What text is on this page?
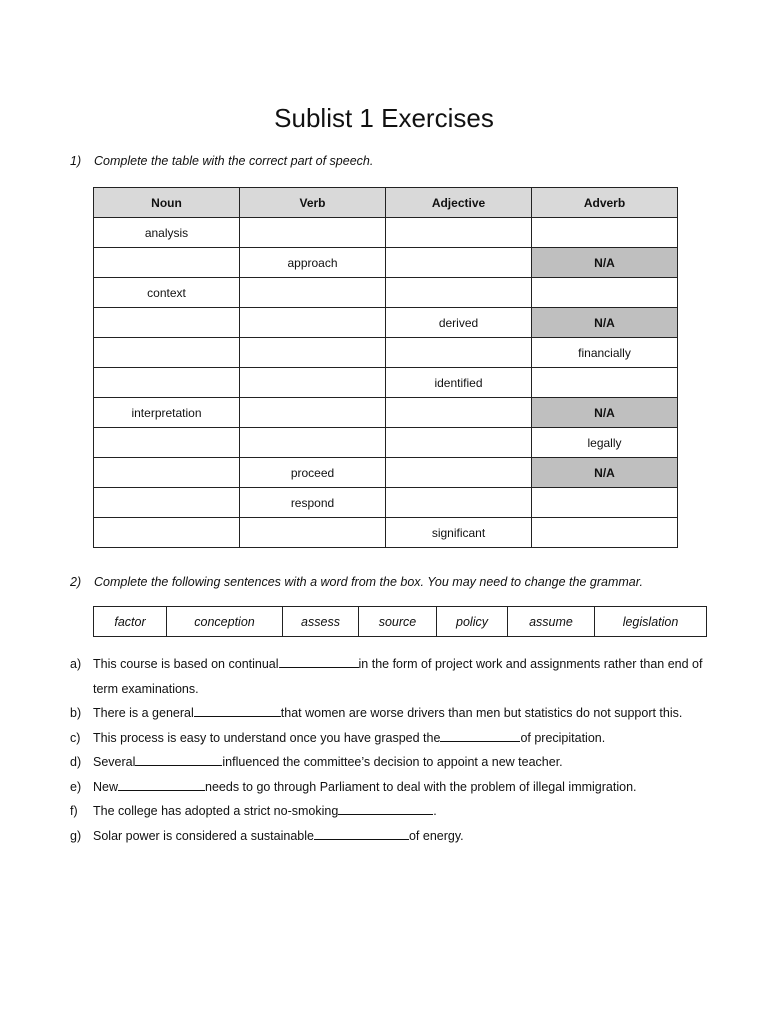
Sublist 1 Exercises
1) Complete the table with the correct part of speech.
Noun	Verb	Adjective	Adverb
analysis			
	approach		N/A
context			
		derived	N/A
			financially
		identified	
interpretation			N/A
			legally
	proceed		N/A
	respond		
		significant	
2) Complete the following sentences with a word from the box. You may need to change the grammar.
factor	conception	assess	source	policy	assume	legislation
a) This course is based on continual	in the form of project work and assignments rather than end of term examinations.
b) There is a general	that women are worse drivers than men but statistics do not support this.
c) This process is easy to understand once you have grasped the	of precipitation.
d) Several	influenced the committee’s decision to appoint a new teacher.
e) New	needs to go through Parliament to deal with the problem of illegal immigration.
f) The college has adopted a strict no-smoking	.
g) Solar power is considered a sustainable	of energy.
